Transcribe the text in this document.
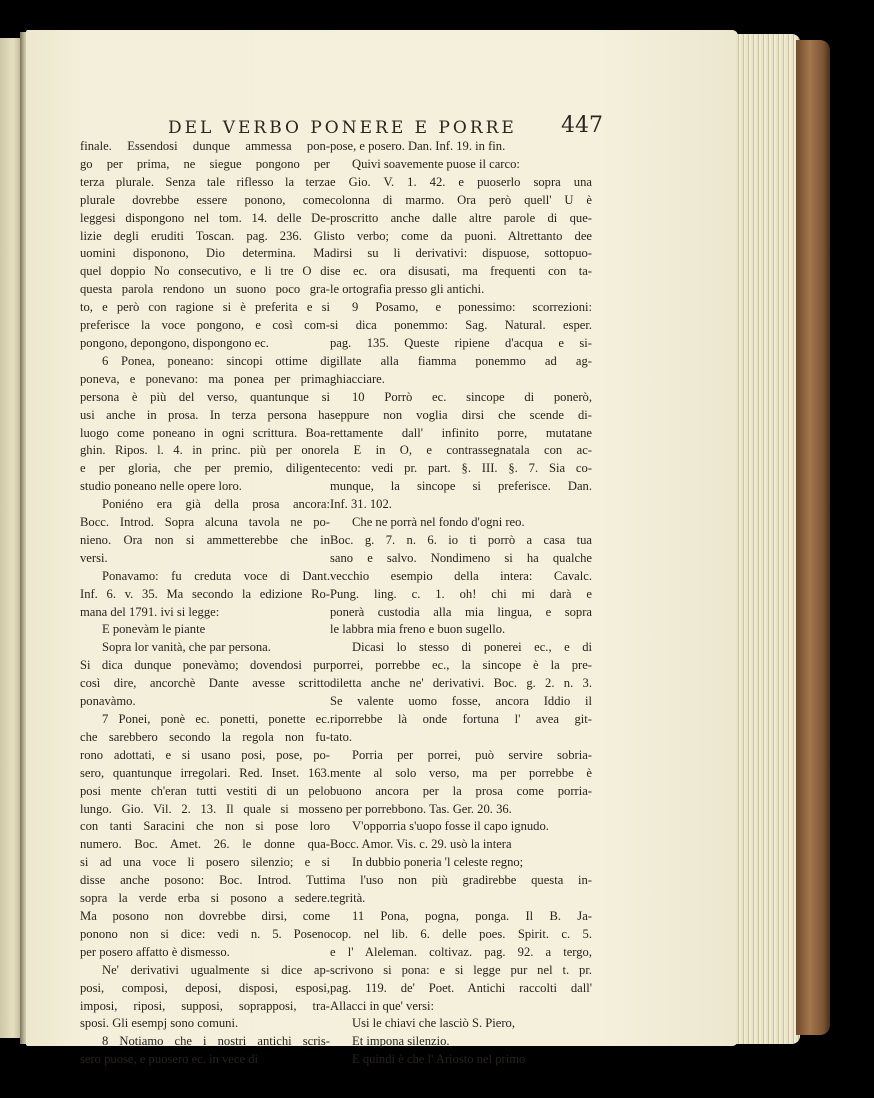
DEL VERBO PONERE E PORRE 447
finale. Essendosi dunque ammessa pon-
go per prima, ne siegue pongono per
terza plurale. Senza tale riflesso la terza
plurale dovrebbe essere ponono, come
leggesi dispongono nel tom. 14. delle De-
lizie degli eruditi Toscan. pag. 236. Gli
uomini disponono, Dio determina. Ma
quel doppio No consecutivo, e li tre O di
questa parola rendono un suono poco gra-
to, e però con ragione si è preferita e si
preferisce la voce pongono, e così com-
pongono, depongono, dispongono ec.
6 Ponea, poneano: sincopi ottime di
poneva, e ponevano: ma ponea per prima
persona è più del verso, quantunque si
usi anche in prosa. In terza persona ha
luogo come poneano in ogni scrittura. Boa-
ghin. Ripos. l. 4. in princ. più per onore
e per gloria, che per premio, diligente
studio poneano nelle opere loro.
Poniéno era già della prosa ancora:
Bocc. Introd. Sopra alcuna tavola ne po-
nieno. Ora non si ammetterebbe che in
versi.
Ponavamo: fu creduta voce di Dant.
Inf. 6. v. 35. Ma secondo la edizione Ro-
mana del 1791. ivi si legge:
E ponevàm le piante
Sopra lor vanità, che par persona.
Si dica dunque ponevàmo; dovendosi pur
così dire, ancorchè Dante avesse scritto
ponavàmo.
7 Ponei, ponè ec. ponetti, ponette ec.
che sarebbero secondo la regola non fu-
rono adottati, e si usano posi, pose, po-
sero, quantunque irregolari. Red. Inset. 163.
posi mente ch'eran tutti vestiti di un pelo
lungo. Gio. Vil. 2. 13. Il quale si mosse
con tanti Saracini che non si pose loro
numero. Boc. Amet. 26. le donne qua-
si ad una voce li posero silenzio; e si
disse anche posono: Boc. Introd. Tutti
sopra la verde erba si posono a sedere.
Ma posono non dovrebbe dirsi, come
ponono non si dice: vedi n. 5. Poseno
per posero affatto è dismesso.
Ne' derivativi ugualmente si dice ap-
posi, composi, deposi, disposi, esposi,
imposi, riposi, supposi, soprapposi, tra-
sposi. Gli esempj sono comuni.
8 Notiamo che i nostri antichi scris-
sero puose, e puosero ec. in vece di
pose, e posero. Dan. Inf. 19. in fin.
Quivi soavemente puose il carco:
e Gio. V. 1. 42. e puoserlo sopra una
colonna di marmo. Ora però quell' U è
proscritto anche dalle altre parole di que-
sto verbo; come da puoni. Altrettanto dee
dirsi su li derivativi: dispuose, sottopuo-
se ec. ora disusati, ma frequenti con ta-
le ortografia presso gli antichi.
9 Posamo, e ponessimo: scorrezioni:
si dica ponemmo: Sag. Natural. esper.
pag. 135. Queste ripiene d'acqua e si-
gillate alla fiamma ponemmo ad ag-
ghiacciare.
10 Porrò ec. sincope di ponerò,
seppure non voglia dirsi che scende di-
rettamente dall' infinito porre, mutatane
la E in O, e contrassegnatala con ac-
cento: vedi pr. part. §. III. §. 7. Sia co-
munque, la sincope si preferisce. Dan.
Inf. 31. 102.
Che ne porrà nel fondo d'ogni reo.
Boc. g. 7. n. 6. io ti porrò a casa tua
sano e salvo. Nondimeno si ha qualche
vecchio esempio della intera: Cavalc.
Pung. ling. c. 1. oh! chi mi darà e
ponerà custodia alla mia lingua, e sopra
le labbra mia freno e buon sugello.
Dicasi lo stesso di ponerei ec., e di
porrei, porrebbe ec., la sincope è la pre-
diletta anche ne' derivativi. Boc. g. 2. n. 3.
Se valente uomo fosse, ancora Iddio il
riporrebbe là onde fortuna l' avea git-
tato.
Porria per porrei, può servire sobria-
mente al solo verso, ma per porrebbe è
buono ancora per la prosa come porria-
no per porrebbono. Tas. Ger. 20. 36.
V'opporria s'uopo fosse il capo ignudo.
Bocc. Amor. Vis. c. 29. usò la intera
In dubbio poneria 'l celeste regno;
ma l'uso non più gradirebbe questa in-
tegrità.
11 Pona, pogna, ponga. Il B. Ja-
cop. nel lib. 6. delle poes. Spirit. c. 5.
e l' Aleleman. coltivaz. pag. 92. a tergo,
scrivono si pona: e si legge pur nel t. pr.
pag. 119. de' Poet. Antichi raccolti dall'
Allacci in que' versi:
Usi le chiavi che lasciò S. Piero,
Et impona silenzio.
E quindi è che l' Ariosto nel primo
